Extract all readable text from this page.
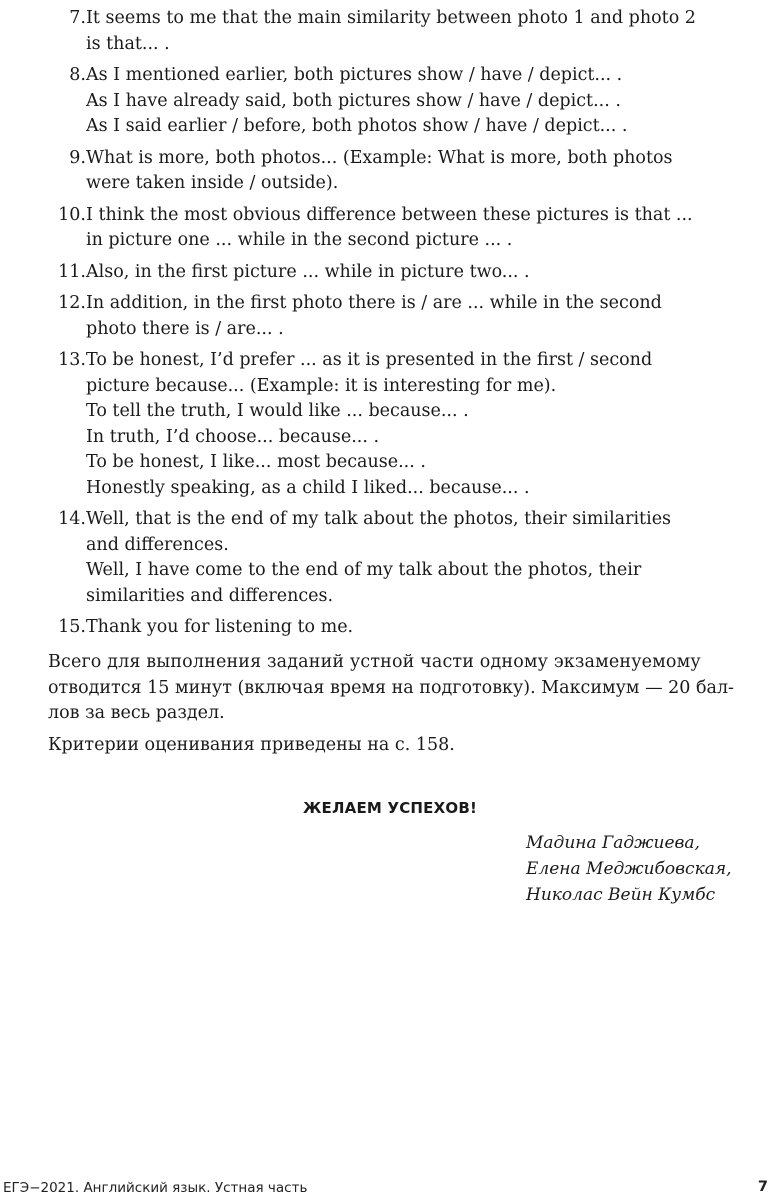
7. It seems to me that the main similarity between photo 1 and photo 2
is that... .
8. As I mentioned earlier, both pictures show / have / depict... .
As I have already said, both pictures show / have / depict... .
As I said earlier / before, both photos show / have / depict... .
9. What is more, both photos... (Example: What is more, both photos
were taken inside / outside).
10. I think the most obvious difference between these pictures is that ...
in picture one ... while in the second picture ... .
11. Also, in the first picture ... while in picture two... .
12. In addition, in the first photo there is / are ... while in the second
photo there is / are... .
13. To be honest, I’d prefer ... as it is presented in the first / second
picture because... (Example: it is interesting for me).
To tell the truth, I would like ... because... .
In truth, I’d choose... because... .
To be honest, I like... most because... .
Honestly speaking, as a child I liked... because... .
14. Well, that is the end of my talk about the photos, their similarities
and differences.
Well, I have come to the end of my talk about the photos, their
similarities and differences.
15. Thank you for listening to me.
Всего для выполнения заданий устной части одному экзаменуемому
отводится 15 минут (включая время на подготовку). Максимум — 20 бал-
лов за весь раздел.
Критерии оценивания приведены на с. 158.
ЖЕЛАЕМ УСПЕХОВ!
Мадина Гаджиева,
Елена Меджибовская,
Николас Вейн Кумбс
ЕГЭ−2021. Английский язык. Устная часть	7
